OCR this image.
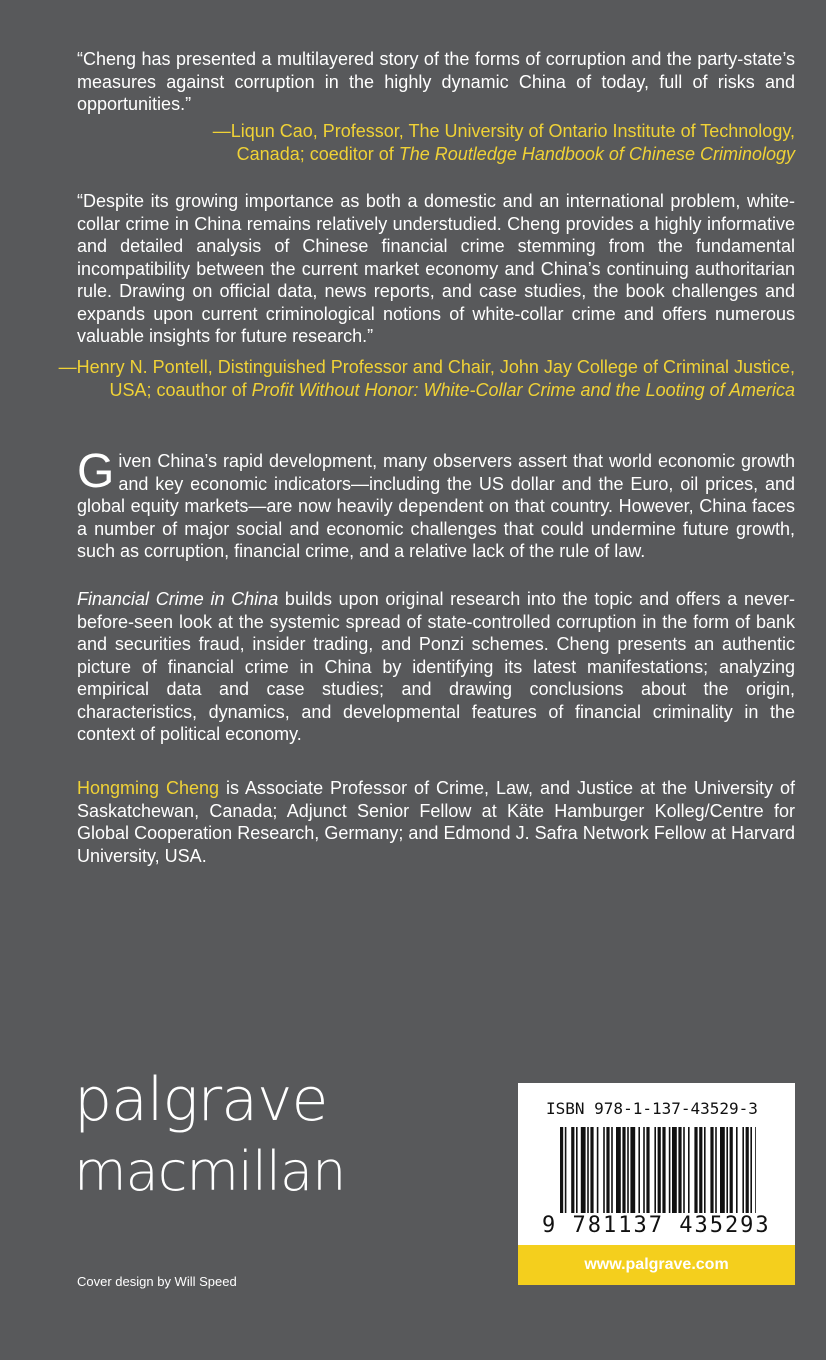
“Cheng has presented a multilayered story of the forms of corruption and the party-state’s measures against corruption in the highly dynamic China of today, full of risks and opportunities.”

—Liqun Cao, Professor, The University of Ontario Institute of Technology,
Canada; coeditor of The Routledge Handbook of Chinese Criminology

“Despite its growing importance as both a domestic and an international problem, white-collar crime in China remains relatively understudied. Cheng provides a highly informative and detailed analysis of Chinese financial crime stemming from the fundamental incompatibility between the current market economy and China’s continuing authoritarian rule. Drawing on official data, news reports, and case studies, the book challenges and expands upon current criminological notions of white-collar crime and offers numerous valuable insights for future research.”

—Henry N. Pontell, Distinguished Professor and Chair, John Jay College of Criminal Justice,
USA; coauthor of Profit Without Honor: White-Collar Crime and the Looting of America

Given China’s rapid development, many observers assert that world economic growth and key economic indicators—including the US dollar and the Euro, oil prices, and global equity markets—are now heavily dependent on that country. However, China faces a number of major social and economic challenges that could undermine future growth, such as corruption, financial crime, and a relative lack of the rule of law.

Financial Crime in China builds upon original research into the topic and offers a never-before-seen look at the systemic spread of state-controlled corruption in the form of bank and securities fraud, insider trading, and Ponzi schemes. Cheng presents an authentic picture of financial crime in China by identifying its latest manifestations; analyzing empirical data and case studies; and drawing conclusions about the origin, characteristics, dynamics, and developmental features of financial criminality in the context of political economy.

Hongming Cheng is Associate Professor of Crime, Law, and Justice at the University of Saskatchewan, Canada; Adjunct Senior Fellow at Käte Hamburger Kolleg/Centre for Global Cooperation Research, Germany; and Edmond J. Safra Network Fellow at Harvard University, USA.

palgrave
macmillan
Cover design by Will Speed
ISBN 978-1-137-43529-3
9 781137 435293
www.palgrave.com
